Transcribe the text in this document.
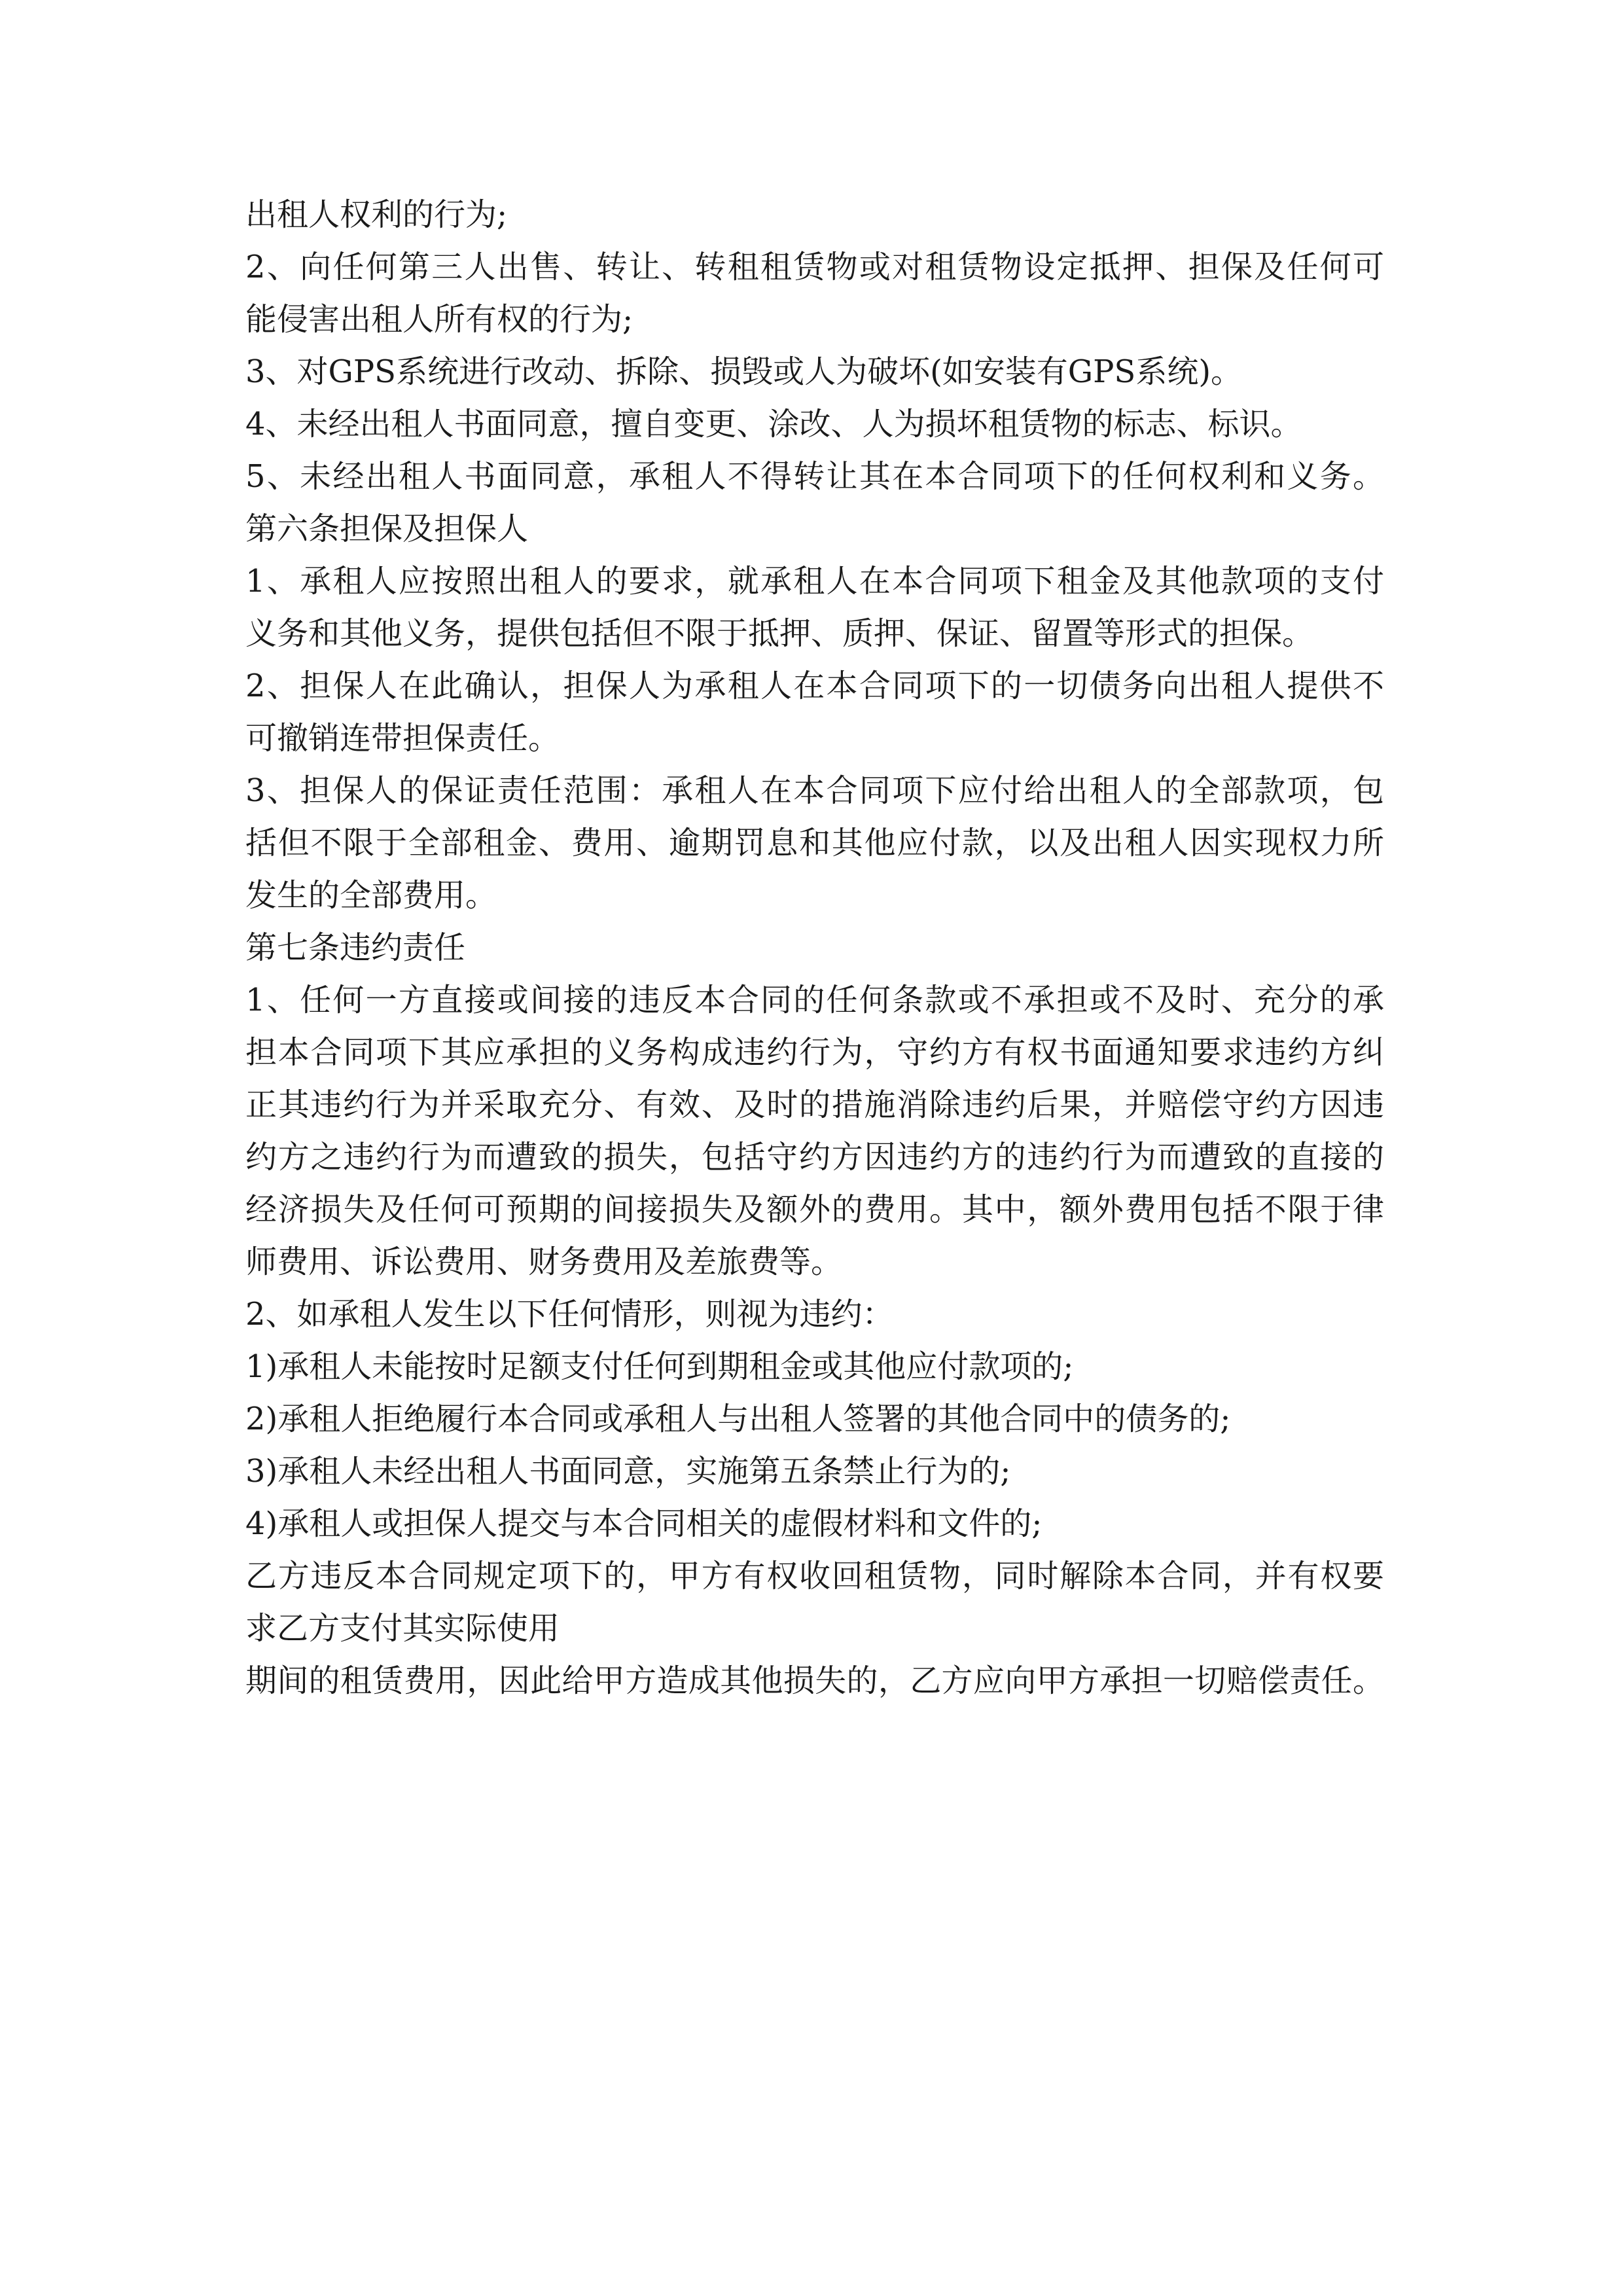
出租人权利的行为;
2、向任何第三人出售、转让、转租租赁物或对租赁物设定抵押、担保及任何可
能侵害出租人所有权的行为;
3、对GPS系统进行改动、拆除、损毁或人为破坏(如安装有GPS系统)。
4、未经出租人书面同意，擅自变更、涂改、人为损坏租赁物的标志、标识。
5、未经出租人书面同意，承租人不得转让其在本合同项下的任何权利和义务。
第六条担保及担保人
1、承租人应按照出租人的要求，就承租人在本合同项下租金及其他款项的支付
义务和其他义务，提供包括但不限于抵押、质押、保证、留置等形式的担保。
2、担保人在此确认，担保人为承租人在本合同项下的一切债务向出租人提供不
可撤销连带担保责任。
3、担保人的保证责任范围：承租人在本合同项下应付给出租人的全部款项，包
括但不限于全部租金、费用、逾期罚息和其他应付款，以及出租人因实现权力所
发生的全部费用。
第七条违约责任
1、任何一方直接或间接的违反本合同的任何条款或不承担或不及时、充分的承
担本合同项下其应承担的义务构成违约行为，守约方有权书面通知要求违约方纠
正其违约行为并采取充分、有效、及时的措施消除违约后果，并赔偿守约方因违
约方之违约行为而遭致的损失，包括守约方因违约方的违约行为而遭致的直接的
经济损失及任何可预期的间接损失及额外的费用。其中，额外费用包括不限于律
师费用、诉讼费用、财务费用及差旅费等。
2、如承租人发生以下任何情形，则视为违约：
1)承租人未能按时足额支付任何到期租金或其他应付款项的;
2)承租人拒绝履行本合同或承租人与出租人签署的其他合同中的债务的;
3)承租人未经出租人书面同意，实施第五条禁止行为的;
4)承租人或担保人提交与本合同相关的虚假材料和文件的;
乙方违反本合同规定项下的，甲方有权收回租赁物，同时解除本合同，并有权要
求乙方支付其实际使用
期间的租赁费用，因此给甲方造成其他损失的，乙方应向甲方承担一切赔偿责任。
